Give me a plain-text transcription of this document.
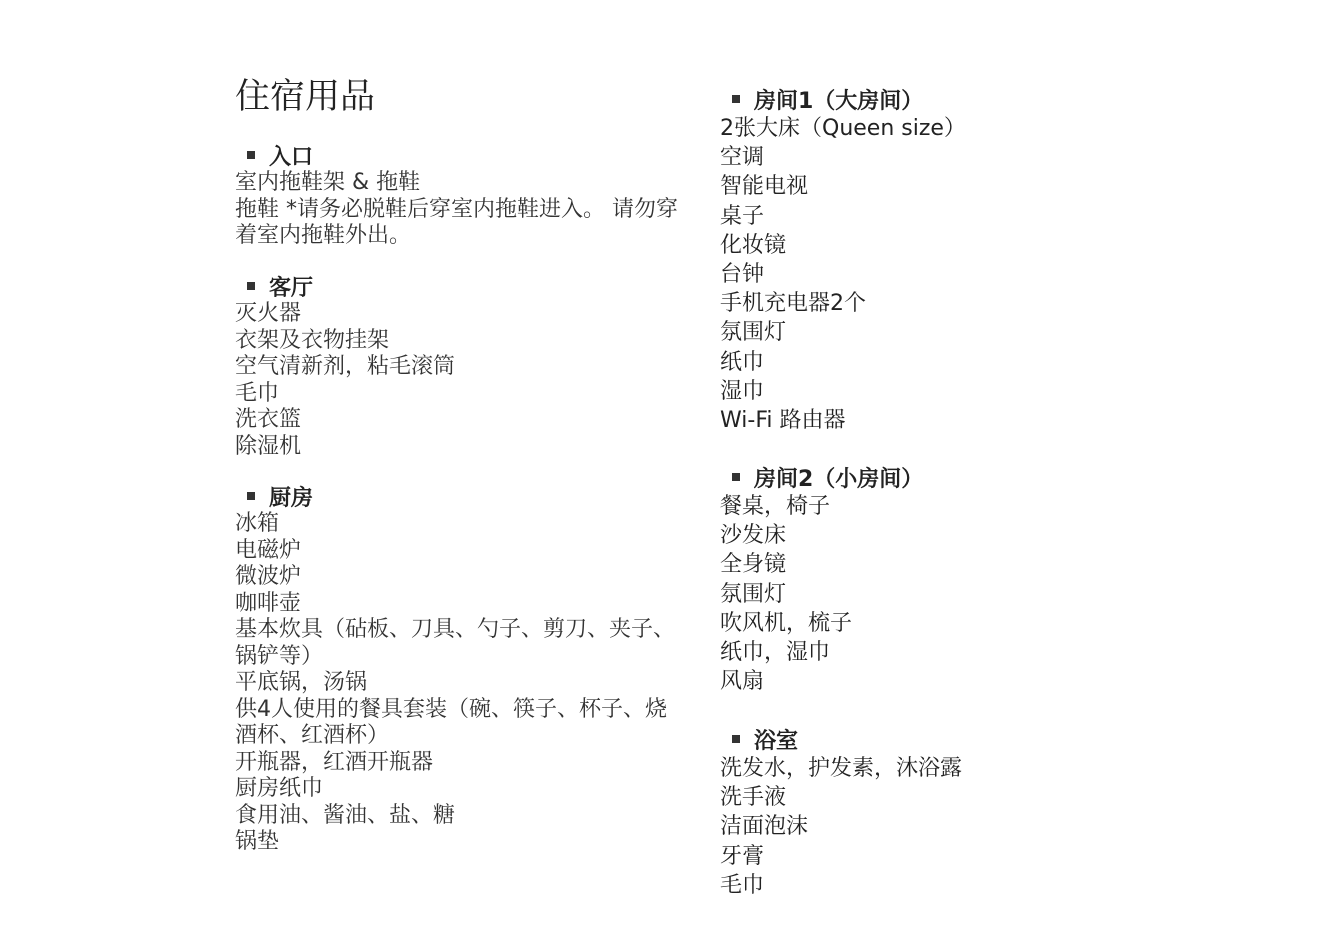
住宿用品
入口
室内拖鞋架 & 拖鞋
拖鞋 *请务必脱鞋后穿室内拖鞋进入。 请勿穿着室内拖鞋外出。
客厅
灭火器
衣架及衣物挂架
空气清新剂，粘毛滚筒
毛巾
洗衣篮
除湿机
厨房
冰箱
电磁炉
微波炉
咖啡壶
基本炊具（砧板、刀具、勺子、剪刀、夹子、锅铲等）
平底锅，汤锅
供4人使用的餐具套装（碗、筷子、杯子、烧酒杯、红酒杯）
开瓶器，红酒开瓶器
厨房纸巾
食用油、酱油、盐、糖
锅垫
房间1（大房间）
2张大床（Queen size）
空调
智能电视
桌子
化妆镜
台钟
手机充电器2个
氛围灯
纸巾
湿巾
Wi-Fi 路由器
房间2（小房间）
餐桌，椅子
沙发床
全身镜
氛围灯
吹风机，梳子
纸巾，湿巾
风扇
浴室
洗发水，护发素，沐浴露
洗手液
洁面泡沫
牙膏
毛巾
